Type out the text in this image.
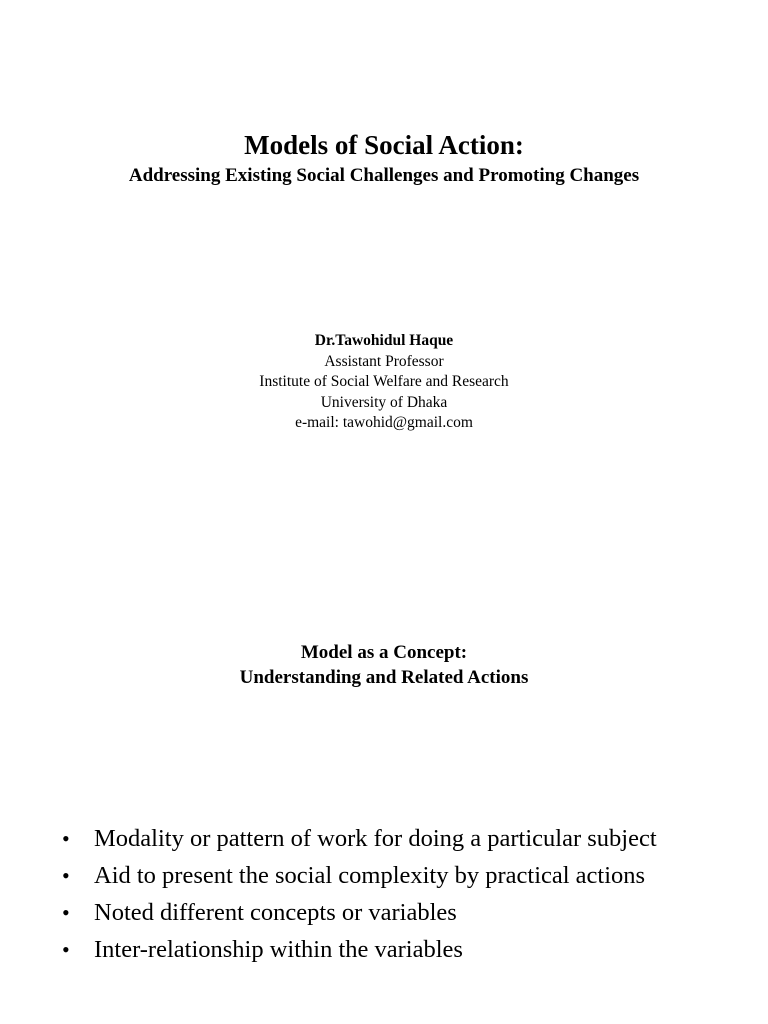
Models of Social Action:
Addressing Existing Social Challenges and Promoting Changes
Dr.Tawohidul Haque
Assistant Professor
Institute of Social Welfare and Research
University of Dhaka
e-mail: tawohid@gmail.com
Model as a Concept:
Understanding and Related Actions
• Modality or pattern of work for doing a particular subject
• Aid to present the social complexity by practical actions
• Noted different concepts or variables
• Inter-relationship within the variables
